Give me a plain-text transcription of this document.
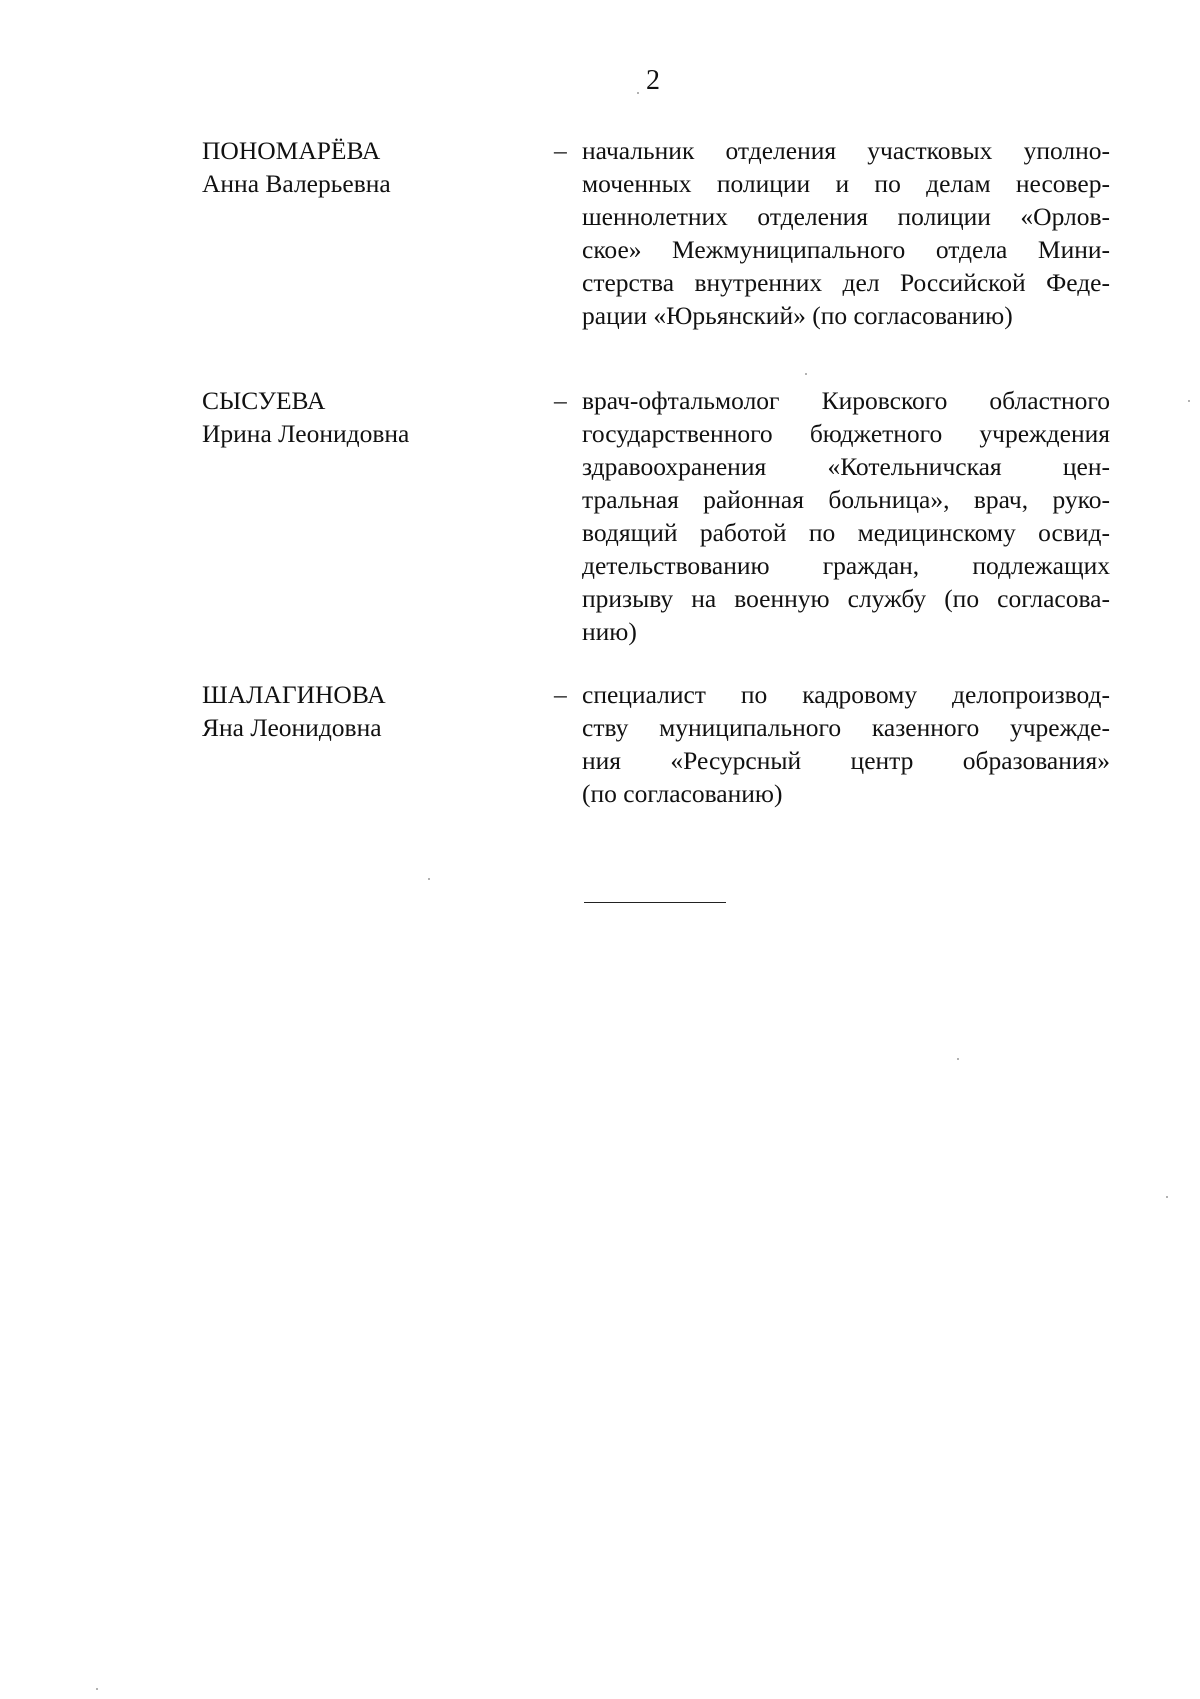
2
ПОНОМАРЁВА
Анна Валерьевна
– начальник отделения участковых уполно-
моченных полиции и по делам несовер-
шеннолетних отделения полиции «Орлов-
ское» Межмуниципального отдела Мини-
стерства внутренних дел Российской Феде-
рации «Юрьянский» (по согласованию)
СЫСУЕВА
Ирина Леонидовна
– врач-офтальмолог Кировского областного
государственного бюджетного учреждения
здравоохранения «Котельничская цен-
тральная районная больница», врач, руко-
водящий работой по медицинскому освид-
детельствованию граждан, подлежащих
призыву на военную службу (по согласова-
нию)
ШАЛАГИНОВА
Яна Леонидовна
– специалист по кадровому делопроизвод-
ству муниципального казенного учрежде-
ния «Ресурсный центр образования»
(по согласованию)
